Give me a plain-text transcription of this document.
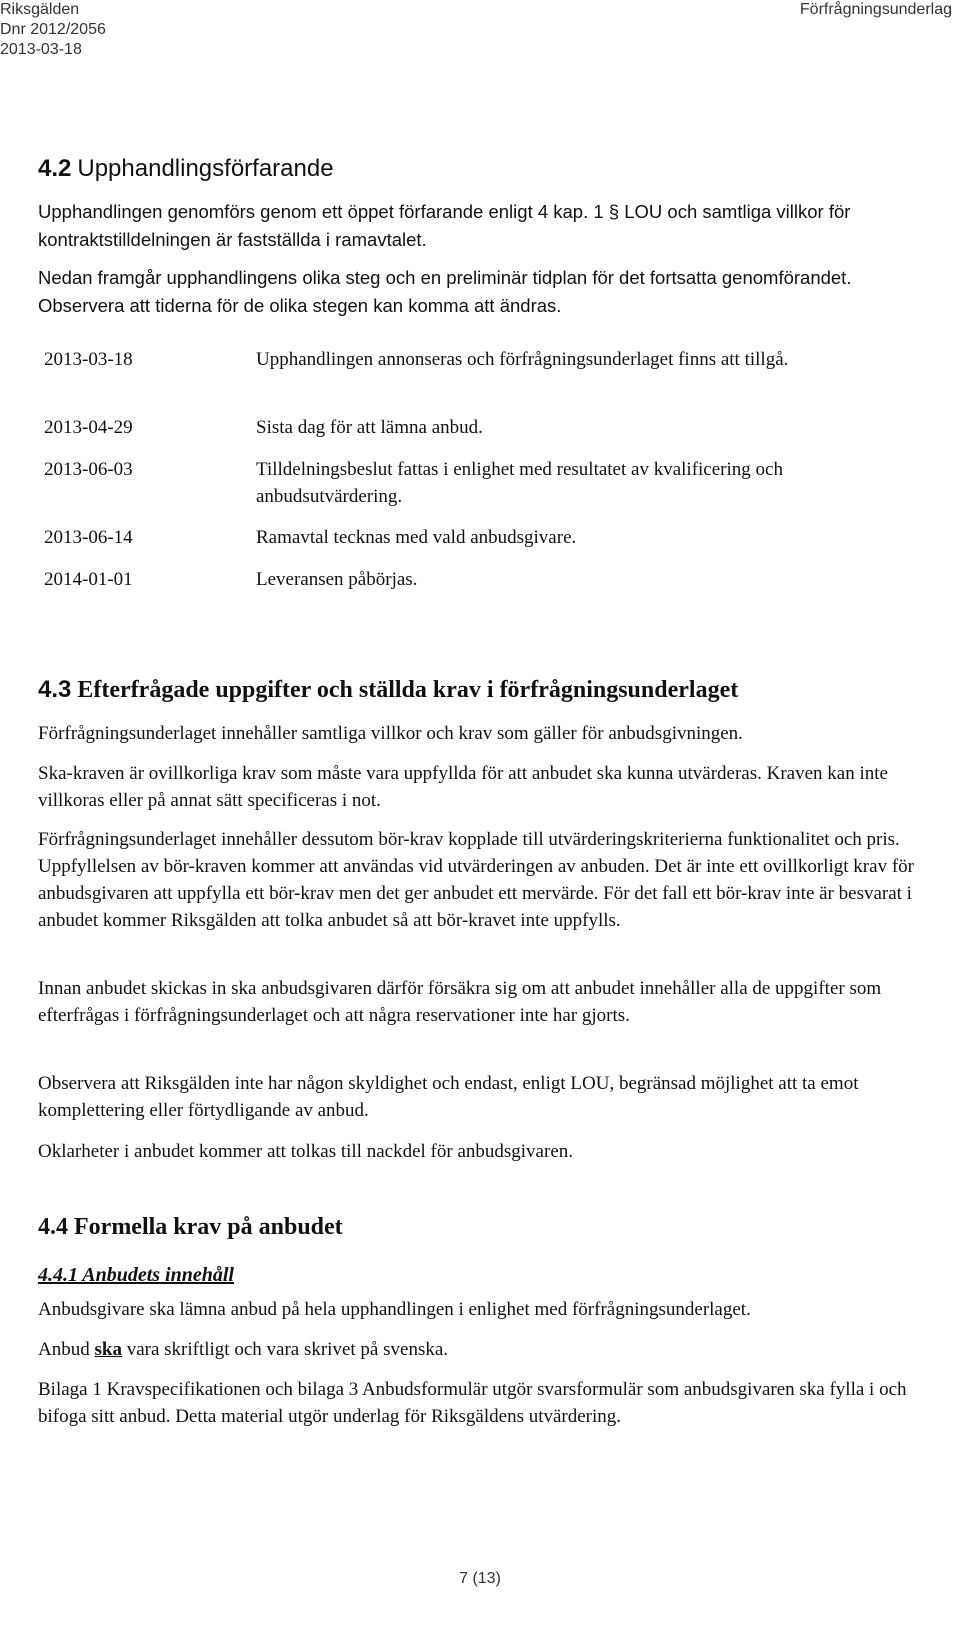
Riksgälden
Dnr 2012/2056
2013-03-18
Förfrågningsunderlag
4.2 Upphandlingsförfarande

Upphandlingen genomförs genom ett öppet förfarande enligt 4 kap. 1 § LOU och samtliga villkor för kontraktstilldelningen är fastställda i ramavtalet.

Nedan framgår upphandlingens olika steg och en preliminär tidplan för det fortsatta genomförandet. Observera att tiderna för de olika stegen kan komma att ändras.

2013-03-18	Upphandlingen annonseras och förfrågningsunderlaget finns att tillgå.
2013-04-29	Sista dag för att lämna anbud.
2013-06-03	Tilldelningsbeslut fattas i enlighet med resultatet av kvalificering och anbudsutvärdering.
2013-06-14	Ramavtal tecknas med vald anbudsgivare.
2014-01-01	Leveransen påbörjas.
4.3 Efterfrågade uppgifter och ställda krav i förfrågningsunderlaget

Förfrågningsunderlaget innehåller samtliga villkor och krav som gäller för anbudsgivningen.

Ska-kraven är ovillkorliga krav som måste vara uppfyllda för att anbudet ska kunna utvärderas. Kraven kan inte villkoras eller på annat sätt specificeras i not.

Förfrågningsunderlaget innehåller dessutom bör-krav kopplade till utvärderingskriterierna funktionalitet och pris. Uppfyllelsen av bör-kraven kommer att användas vid utvärderingen av anbuden. Det är inte ett ovillkorligt krav för anbudsgivaren att uppfylla ett bör-krav men det ger anbudet ett mervärde. För det fall ett bör-krav inte är besvarat i anbudet kommer Riksgälden att tolka anbudet så att bör-kravet inte uppfylls.

Innan anbudet skickas in ska anbudsgivaren därför försäkra sig om att anbudet innehåller alla de uppgifter som efterfrågas i förfrågningsunderlaget och att några reservationer inte har gjorts.

Observera att Riksgälden inte har någon skyldighet och endast, enligt LOU, begränsad möjlighet att ta emot komplettering eller förtydligande av anbud.

Oklarheter i anbudet kommer att tolkas till nackdel för anbudsgivaren.

4.4 Formella krav på anbudet
4.4.1 Anbudets innehåll

Anbudsgivare ska lämna anbud på hela upphandlingen i enlighet med förfrågningsunderlaget.

Anbud ska vara skriftligt och vara skrivet på svenska.

Bilaga 1 Kravspecifikationen och bilaga 3 Anbudsformulär utgör svarsformulär som anbudsgivaren ska fylla i och bifoga sitt anbud. Detta material utgör underlag för Riksgäldens utvärdering.

7 (13)
